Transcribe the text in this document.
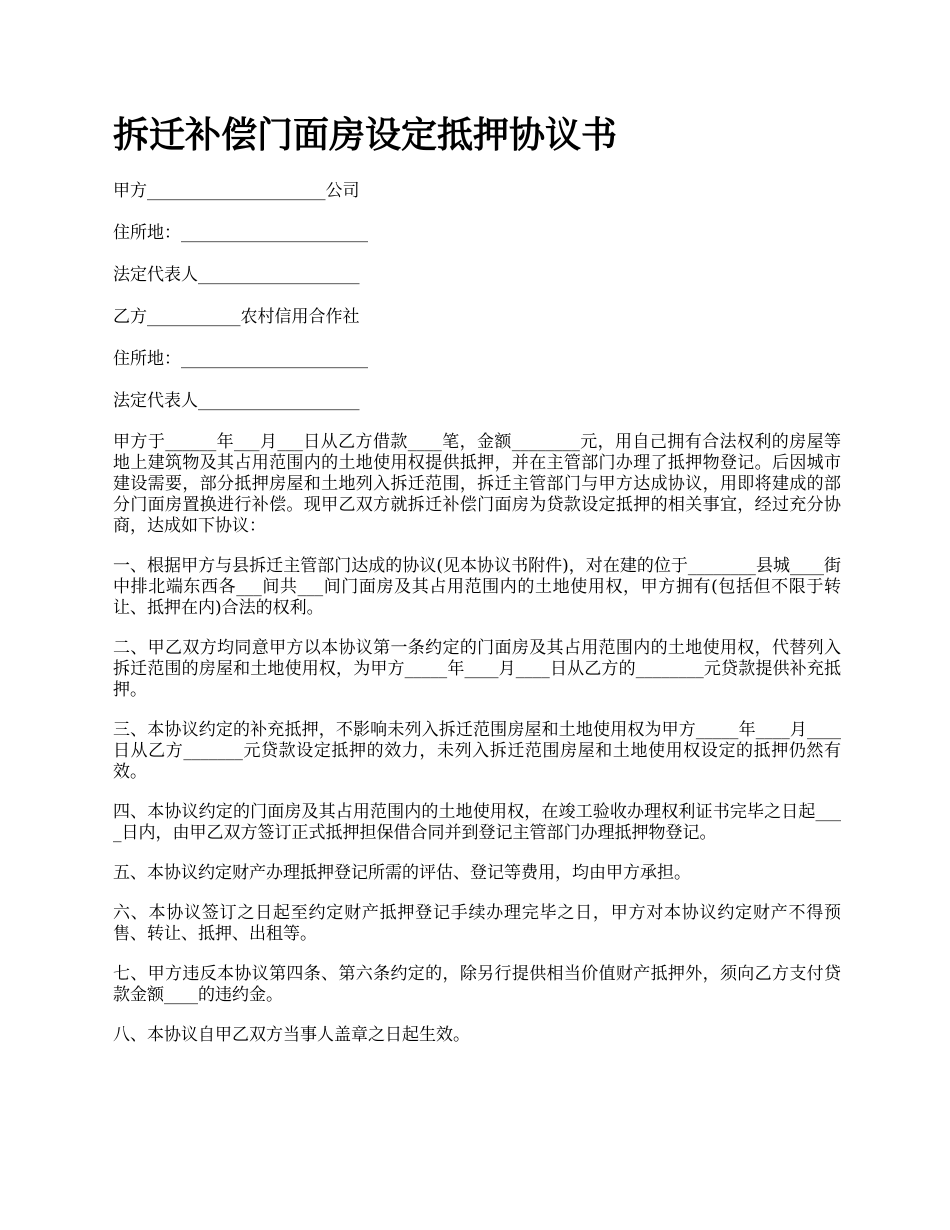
拆迁补偿门面房设定抵押协议书

甲方_____________________公司

住所地：______________________

法定代表人___________________

乙方___________农村信用合作社

住所地：______________________

法定代表人___________________

甲方于______年___月___日从乙方借款____笔，金额________元，用自己拥有合法权利的房屋等地上建筑物及其占用范围内的土地使用权提供抵押，并在主管部门办理了抵押物登记。后因城市建设需要，部分抵押房屋和土地列入拆迁范围，拆迁主管部门与甲方达成协议，用即将建成的部分门面房置换进行补偿。现甲乙双方就拆迁补偿门面房为贷款设定抵押的相关事宜，经过充分协商，达成如下协议：

一、根据甲方与县拆迁主管部门达成的协议(见本协议书附件)，对在建的位于________县城____街中排北端东西各___间共___间门面房及其占用范围内的土地使用权，甲方拥有(包括但不限于转让、抵押在内)合法的权利。

二、甲乙双方均同意甲方以本协议第一条约定的门面房及其占用范围内的土地使用权，代替列入拆迁范围的房屋和土地使用权，为甲方_____年____月____日从乙方的________元贷款提供补充抵押。

三、本协议约定的补充抵押，不影响未列入拆迁范围房屋和土地使用权为甲方_____年____月____日从乙方_______元贷款设定抵押的效力，未列入拆迁范围房屋和土地使用权设定的抵押仍然有效。

四、本协议约定的门面房及其占用范围内的土地使用权，在竣工验收办理权利证书完毕之日起____日内，由甲乙双方签订正式抵押担保借合同并到登记主管部门办理抵押物登记。

五、本协议约定财产办理抵押登记所需的评估、登记等费用，均由甲方承担。

六、本协议签订之日起至约定财产抵押登记手续办理完毕之日，甲方对本协议约定财产不得预售、转让、抵押、出租等。

七、甲方违反本协议第四条、第六条约定的，除另行提供相当价值财产抵押外，须向乙方支付贷款金额____的违约金。

八、本协议自甲乙双方当事人盖章之日起生效。
